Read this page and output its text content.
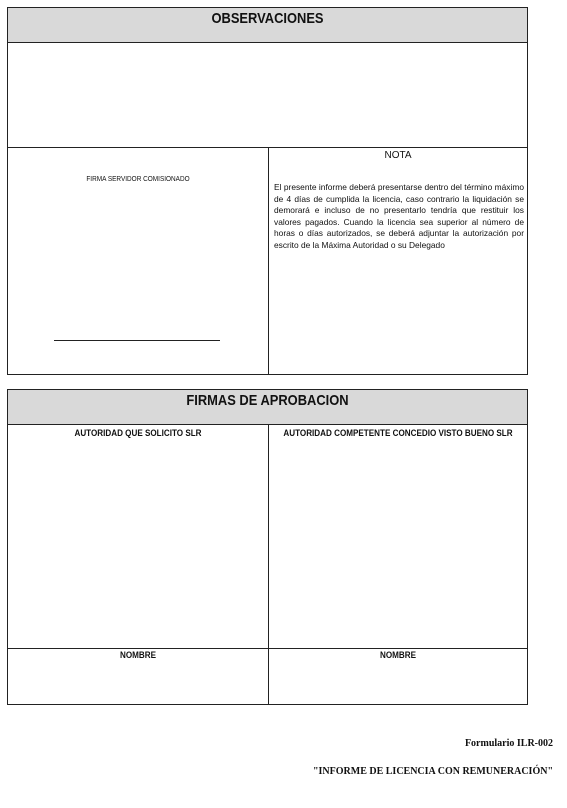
OBSERVACIONES
FIRMA SERVIDOR COMISIONADO
NOTA
El presente informe deberá presentarse dentro del término máximo de 4 días de cumplida la licencia, caso contrario la liquidación se demorará e incluso de no presentarlo tendría que restituir los valores pagados. Cuando la licencia sea superior al número de horas o días autorizados, se deberá adjuntar la autorización por escrito de la Máxima Autoridad o su Delegado
FIRMAS DE APROBACION
AUTORIDAD QUE SOLICITO SLR	AUTORIDAD COMPETENTE CONCEDIO VISTO BUENO SLR
NOMBRE	NOMBRE
Formulario ILR-002
"INFORME DE LICENCIA CON REMUNERACIÓN"
